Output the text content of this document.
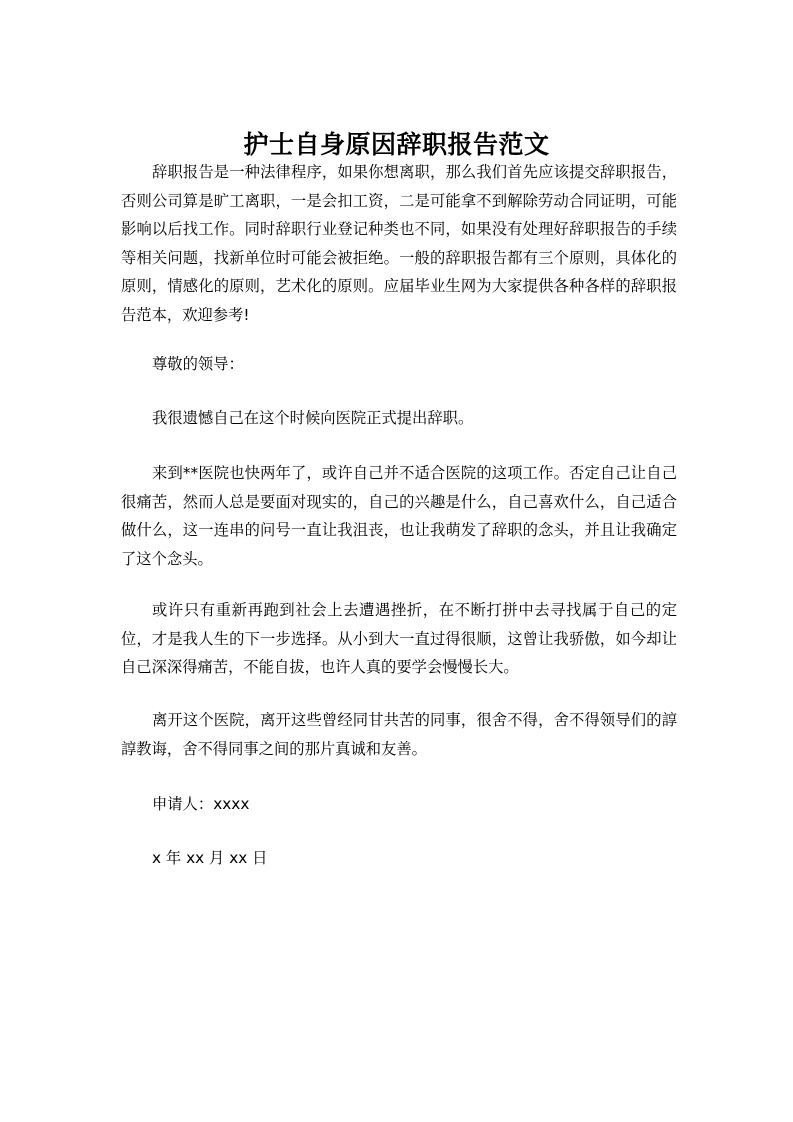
护士自身原因辞职报告范文

辞职报告是一种法律程序，如果你想离职，那么我们首先应该提交辞职报告，否则公司算是旷工离职，一是会扣工资，二是可能拿不到解除劳动合同证明，可能影响以后找工作。同时辞职行业登记种类也不同，如果没有处理好辞职报告的手续等相关问题，找新单位时可能会被拒绝。一般的辞职报告都有三个原则，具体化的原则，情感化的原则，艺术化的原则。应届毕业生网为大家提供各种各样的辞职报告范本，欢迎参考!

尊敬的领导：

我很遗憾自己在这个时候向医院正式提出辞职。

来到**医院也快两年了，或许自己并不适合医院的这项工作。否定自己让自己很痛苦，然而人总是要面对现实的，自己的兴趣是什么，自己喜欢什么，自己适合做什么，这一连串的问号一直让我沮丧，也让我萌发了辞职的念头，并且让我确定了这个念头。

或许只有重新再跑到社会上去遭遇挫折，在不断打拼中去寻找属于自己的定位，才是我人生的下一步选择。从小到大一直过得很顺，这曾让我骄傲，如今却让自己深深得痛苦，不能自拔，也许人真的要学会慢慢长大。

离开这个医院，离开这些曾经同甘共苦的同事，很舍不得，舍不得领导们的諄諄教诲，舍不得同事之间的那片真诚和友善。

申请人：xxxx

x 年 xx 月 xx 日
